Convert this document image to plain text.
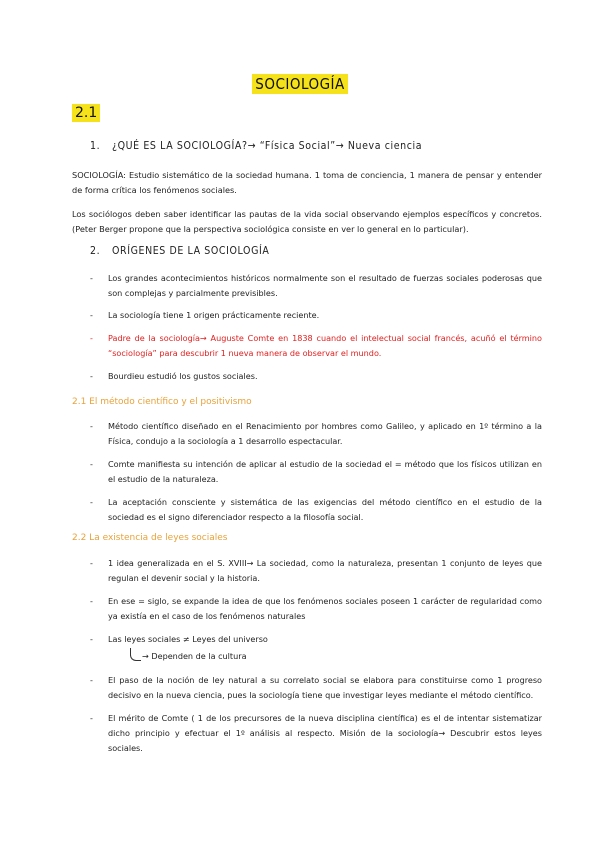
SOCIOLOGÍA
2.1
1. ¿QUÉ ES LA SOCIOLOGÍA?→ “Física Social”→ Nueva ciencia
SOCIOLOGÍA: Estudio sistemático de la sociedad humana. 1 toma de conciencia, 1 manera de pensar y entender de forma crítica los fenómenos sociales.
Los sociólogos deben saber identificar las pautas de la vida social observando ejemplos específicos y concretos. (Peter Berger propone que la perspectiva sociológica consiste en ver lo general en lo particular).
2. ORÍGENES DE LA SOCIOLOGÍA
- Los grandes acontecimientos históricos normalmente son el resultado de fuerzas sociales poderosas que son complejas y parcialmente previsibles.
- La sociología tiene 1 origen prácticamente reciente.
- Padre de la sociología→ Auguste Comte en 1838 cuando el intelectual social francés, acuñó el término “sociología” para descubrir 1 nueva manera de observar el mundo.
- Bourdieu estudió los gustos sociales.
2.1 El método científico y el positivismo
- Método científico diseñado en el Renacimiento por hombres como Galileo, y aplicado en 1º término a la Física, condujo a la sociología a 1 desarrollo espectacular.
- Comte manifiesta su intención de aplicar al estudio de la sociedad el = método que los físicos utilizan en el estudio de la naturaleza.
- La aceptación consciente y sistemática de las exigencias del método científico en el estudio de la sociedad es el signo diferenciador respecto a la filosofía social.
2.2 La existencia de leyes sociales
- 1 idea generalizada en el S. XVIII→ La sociedad, como la naturaleza, presentan 1 conjunto de leyes que regulan el devenir social y la historia.
- En ese = siglo, se expande la idea de que los fenómenos sociales poseen 1 carácter de regularidad como ya existía en el caso de los fenómenos naturales
- Las leyes sociales ≠ Leyes del universo
→ Dependen de la cultura
- El paso de la noción de ley natural a su correlato social se elabora para constituirse como 1 progreso decisivo en la nueva ciencia, pues la sociología tiene que investigar leyes mediante el método científico.
- El mérito de Comte ( 1 de los precursores de la nueva disciplina científica) es el de intentar sistematizar dicho principio y efectuar el 1º análisis al respecto. Misión de la sociología→ Descubrir estos leyes sociales.
